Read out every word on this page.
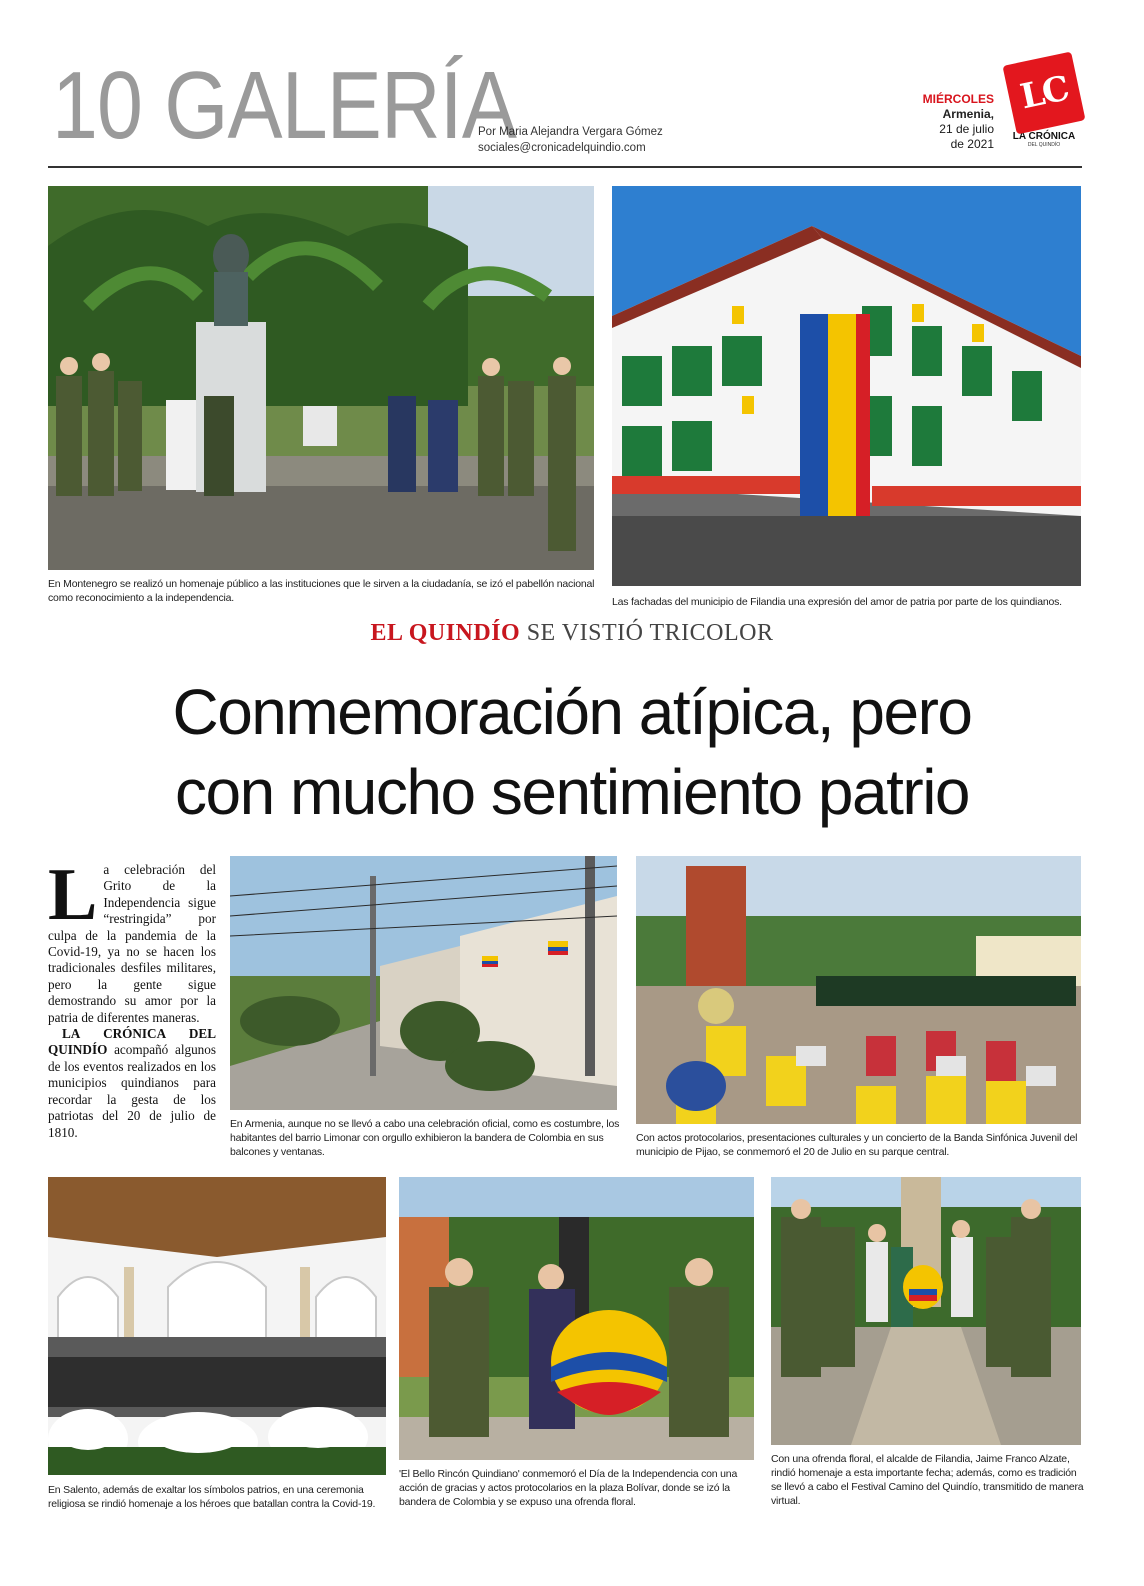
10 GALERÍA
Por Maria Alejandra Vergara Gómez
sociales@cronicadelquindio.com
MIÉRCOLES
Armenia,
21 de julio
de 2021
LC
LA CRÓNICA
DEL QUINDÍO
En Montenegro se realizó un homenaje público a las instituciones que le sirven a la ciudadanía, se izó el pabellón nacional como reconocimiento a la independencia.	Las fachadas del municipio de Filandia una expresión del amor de patria por parte de los quindianos.
EL QUINDÍO SE VISTIÓ TRICOLOR
Conmemoración atípica, pero
con mucho sentimiento patrio

La celebración del Grito de la Independencia sigue “restringida” por culpa de la pandemia de la Covid-19, ya no se hacen los tradicionales desfiles militares, pero la gente sigue demostrando su amor por la patria de diferentes maneras.

LA CRÓNICA DEL QUINDÍO acompañó algunos de los eventos realizados en los municipios quindianos para recordar la gesta de los patriotas del 20 de julio de 1810.

En Armenia, aunque no se llevó a cabo una celebración oficial, como es costumbre, los habitantes del barrio Limonar con orgullo exhibieron la bandera de Colombia en sus balcones y ventanas.
Con actos protocolarios, presentaciones culturales y un concierto de la Banda Sinfónica Juvenil del municipio de Pijao, se conmemoró el 20 de Julio en su parque central.
En Salento, además de exaltar los símbolos patrios, en una ceremonia religiosa se rindió homenaje a los héroes que batallan contra la Covid-19.
'El Bello Rincón Quindiano' conmemoró el Día de la Independencia con una acción de gracias y actos protocolarios en la plaza Bolívar, donde se izó la bandera de Colombia y se expuso una ofrenda floral.
Con una ofrenda floral, el alcalde de Filandia, Jaime Franco Alzate, rindió homenaje a esta importante fecha; además, como es tradición se llevó a cabo el Festival Camino del Quindío, transmitido de manera virtual.
